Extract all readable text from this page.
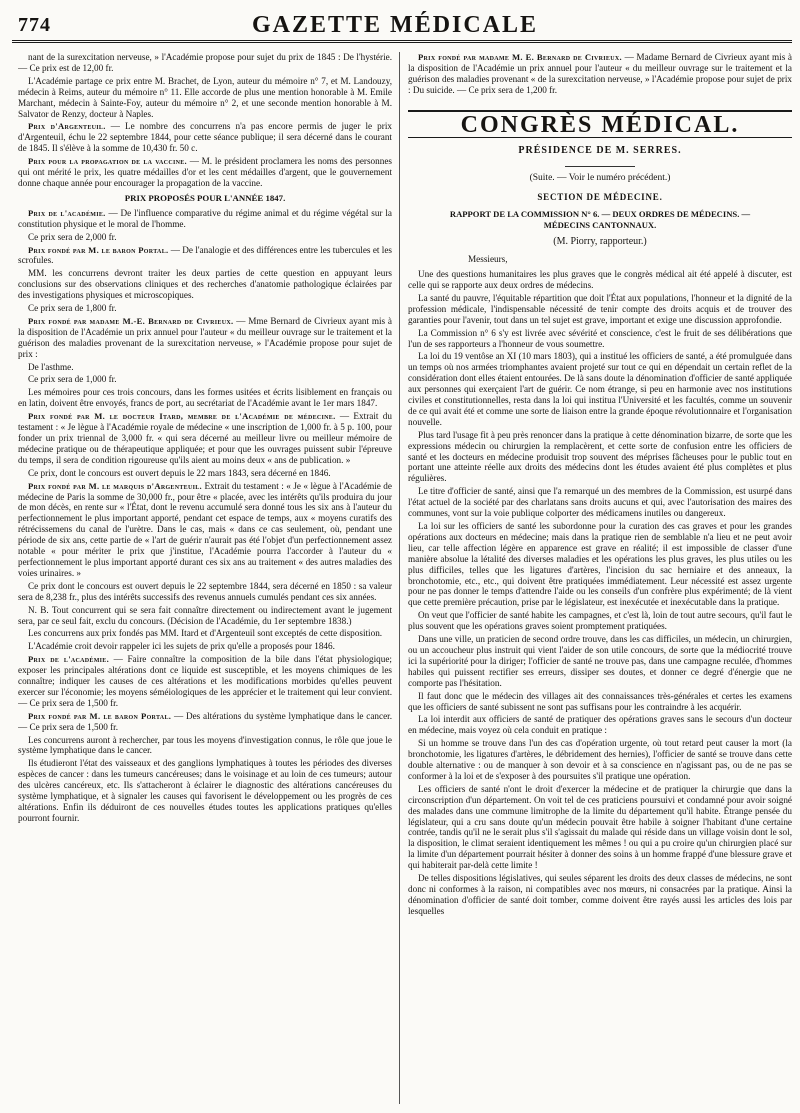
774	GAZETTE MÉDICALE

nant de la surexcitation nerveuse, » l'Académie propose pour sujet du prix de 1845 : De l'hystérie. — Ce prix est de 12,00 fr.

L'Académie partage ce prix entre M. Brachet, de Lyon, auteur du mémoire n° 7, et M. Landouzy, médecin à Reims, auteur du mémoire n° 11. Elle accorde de plus une mention honorable à M. Emile Marchant, médecin à Sainte-Foy, auteur du mémoire n° 2, et une seconde mention honorable à M. Salvator de Renzy, docteur à Naples.

Prix d'Argenteuil. — Le nombre des concurrens n'a pas encore permis de juger le prix d'Argenteuil, échu le 22 septembre 1844, pour cette séance publique; il sera décerné dans le courant de 1845. Il s'élève à la somme de 10,430 fr. 50 c.

Prix pour la propagation de la vaccine. — M. le président proclamera les noms des personnes qui ont mérité le prix, les quatre médailles d'or et les cent médailles d'argent, que le gouvernement donne chaque année pour encourager la propagation de la vaccine.

PRIX PROPOSÉS POUR L'ANNÉE 1847.

Prix de l'académie. — De l'influence comparative du régime animal et du régime végétal sur la constitution physique et le moral de l'homme.

Ce prix sera de 2,000 fr.

Prix fondé par M. le baron Portal. — De l'analogie et des différences entre les tubercules et les scrofules.

MM. les concurrens devront traiter les deux parties de cette question en appuyant leurs conclusions sur des observations cliniques et des recherches d'anatomie pathologique éclairées par des investigations physiques et microscopiques.

Ce prix sera de 1,800 fr.

Prix fondé par madame M.-E. Bernard de Civrieux. — Mme Bernard de Civrieux ayant mis à la disposition de l'Académie un prix annuel pour l'auteur « du meilleur ouvrage sur le traitement et la guérison des maladies provenant de la surexcitation nerveuse, » l'Académie propose pour sujet de prix :

De l'asthme.

Ce prix sera de 1,000 fr.

Les mémoires pour ces trois concours, dans les formes usitées et écrits lisiblement en français ou en latin, doivent être envoyés, francs de port, au secrétariat de l'Académie avant le 1er mars 1847.

Prix fondé par M. le docteur Itard, membre de l'Académie de médecine. — Extrait du testament : « Je lègue à l'Académie royale de médecine « une inscription de 1,000 fr. à 5 p. 100, pour fonder un prix triennal de 3,000 fr. « qui sera décerné au meilleur livre ou meilleur mémoire de médecine pratique ou de thérapeutique appliquée; et pour que les ouvrages puissent subir l'épreuve du temps, il sera de condition rigoureuse qu'ils aient au moins deux « ans de publication. »

Ce prix, dont le concours est ouvert depuis le 22 mars 1843, sera décerné en 1846.

Prix fondé par M. le marquis d'Argenteuil. Extrait du testament : « Je « lègue à l'Académie de médecine de Paris la somme de 30,000 fr., pour être « placée, avec les intérêts qu'ils produira du jour de mon décès, en rente sur « l'État, dont le revenu accumulé sera donné tous les six ans à l'auteur du perfectionnement le plus important apporté, pendant cet espace de temps, aux « moyens curatifs des rétrécissemens du canal de l'urètre. Dans le cas, mais « dans ce cas seulement, où, pendant une période de six ans, cette partie de « l'art de guérir n'aurait pas été l'objet d'un perfectionnement assez notable « pour mériter le prix que j'institue, l'Académie pourra l'accorder à l'auteur du « perfectionnement le plus important apporté durant ces six ans au traitement « des autres maladies des voies urinaires. »

Ce prix dont le concours est ouvert depuis le 22 septembre 1844, sera décerné en 1850 : sa valeur sera de 8,238 fr., plus des intérêts successifs des revenus annuels cumulés pendant ces six années.

N. B. Tout concurrent qui se sera fait connaître directement ou indirectement avant le jugement sera, par ce seul fait, exclu du concours. (Décision de l'Académie, du 1er septembre 1838.)

Les concurrens aux prix fondés pas MM. Itard et d'Argenteuil sont exceptés de cette disposition.

L'Académie croit devoir rappeler ici les sujets de prix qu'elle a proposés pour 1846.

Prix de l'académie. — Faire connaître la composition de la bile dans l'état physiologique; exposer les principales altérations dont ce liquide est susceptible, et les moyens chimiques de les connaître; indiquer les causes de ces altérations et les modifications morbides qu'elles peuvent exercer sur l'économie; les moyens séméiologiques de les apprécier et le traitement qui leur convient. — Ce prix sera de 1,500 fr.

Prix fondé par M. le baron Portal. — Des altérations du système lymphatique dans le cancer. — Ce prix sera de 1,500 fr.

Les concurrens auront à rechercher, par tous les moyens d'investigation connus, le rôle que joue le système lymphatique dans le cancer.

Ils étudieront l'état des vaisseaux et des ganglions lymphatiques à toutes les périodes des diverses espèces de cancer : dans les tumeurs cancéreuses; dans le voisinage et au loin de ces tumeurs; autour des ulcères cancéreux, etc. Ils s'attacheront à éclairer le diagnostic des altérations cancéreuses du système lymphatique, et à signaler les causes qui favorisent le développement ou les progrès de ces altérations. Enfin ils déduiront de ces nouvelles études toutes les applications pratiques qu'elles pourront fournir.

Prix fondé par madame M. E. Bernard de Civrieux. — Madame Bernard de Civrieux ayant mis à la disposition de l'Académie un prix annuel pour l'auteur « du meilleur ouvrage sur le traitement et la guérison des maladies provenant « de la surexcitation nerveuse, » l'Académie propose pour sujet de prix : Du suicide. — Ce prix sera de 1,200 fr.

CONGRÈS MÉDICAL.
PRÉSIDENCE DE M. SERRES.
(Suite. — Voir le numéro précédent.)
SECTION DE MÉDECINE.
RAPPORT DE LA COMMISSION N° 6. — DEUX ORDRES DE MÉDECINS. — MÉDECINS CANTONNAUX.
(M. Piorry, rapporteur.)

Messieurs,

Une des questions humanitaires les plus graves que le congrès médical ait été appelé à discuter, est celle qui se rapporte aux deux ordres de médecins.

La santé du pauvre, l'équitable répartition que doit l'État aux populations, l'honneur et la dignité de la profession médicale, l'indispensable nécessité de tenir compte des droits acquis et de trouver des garanties pour l'avenir, tout dans un tel sujet est grave, important et exige une discussion approfondie.

La Commission n° 6 s'y est livrée avec sévérité et conscience, c'est le fruit de ses délibérations que l'un de ses rapporteurs a l'honneur de vous soumettre.

La loi du 19 ventôse an XI (10 mars 1803), qui a institué les officiers de santé, a été promulguée dans un temps où nos armées triomphantes avaient projeté sur tout ce qui en dépendait un certain reflet de la considération dont elles étaient entourées. De là sans doute la dénomination d'officier de santé appliquée aux personnes qui exerçaient l'art de guérir. Ce nom étrange, si peu en harmonie avec nos institutions civiles et constitutionnelles, resta dans la loi qui institua l'Université et les facultés, comme un souvenir de ce qui avait été et comme une sorte de liaison entre la grande époque révolutionnaire et l'organisation nouvelle.

Plus tard l'usage fit à peu près renoncer dans la pratique à cette dénomination bizarre, de sorte que les expressions médecin ou chirurgien la remplacèrent, et cette sorte de confusion entre les officiers de santé et les docteurs en médecine produisit trop souvent des méprises fâcheuses pour le public tout en portant une atteinte réelle aux droits des médecins dont les études avaient été plus complètes et plus régulières.

Le titre d'officier de santé, ainsi que l'a remarqué un des membres de la Commission, est usurpé dans l'état actuel de la société par des charlatans sans droits aucuns et qui, avec l'autorisation des maires des communes, vont sur la voie publique colporter des médicamens inutiles ou dangereux.

La loi sur les officiers de santé les subordonne pour la curation des cas graves et pour les grandes opérations aux docteurs en médecine; mais dans la pratique rien de semblable n'a lieu et ne peut avoir lieu, car telle affection légère en apparence est grave en réalité; il est impossible de classer d'une manière absolue la létalité des diverses maladies et les opérations les plus graves, les plus utiles ou les plus difficiles, telles que les ligatures d'artères, l'incision du sac herniaire et des anneaux, la bronchotomie, etc., etc., qui doivent être pratiquées immédiatement. Leur nécessité est assez urgente pour ne pas donner le temps d'attendre l'aide ou les conseils d'un confrère plus expérimenté; de là vient que cette première précaution, prise par le législateur, est inexécutée et inexécutable dans la pratique.

On veut que l'officier de santé habite les campagnes, et c'est là, loin de tout autre secours, qu'il faut le plus souvent que les opérations graves soient promptement pratiquées.

Dans une ville, un praticien de second ordre trouve, dans les cas difficiles, un médecin, un chirurgien, ou un accoucheur plus instruit qui vient l'aider de son utile concours, de sorte que la médiocrité trouve ici la supériorité pour la diriger; l'officier de santé ne trouve pas, dans une campagne reculée, d'hommes habiles qui puissent rectifier ses erreurs, dissiper ses doutes, et donner ce degré d'énergie que ne comporte pas l'hésitation.

Il faut donc que le médecin des villages ait des connaissances très-générales et certes les examens que les officiers de santé subissent ne sont pas suffisans pour les contraindre à les acquérir.

La loi interdit aux officiers de santé de pratiquer des opérations graves sans le secours d'un docteur en médecine, mais voyez où cela conduit en pratique :

Si un homme se trouve dans l'un des cas d'opération urgente, où tout retard peut causer la mort (la bronchotomie, les ligatures d'artères, le débridement des hernies), l'officier de santé se trouve dans cette double alternative : ou de manquer à son devoir et à sa conscience en n'agissant pas, ou de ne pas se conformer à la loi et de s'exposer à des poursuites s'il pratique une opération.

Les officiers de santé n'ont le droit d'exercer la médecine et de pratiquer la chirurgie que dans la circonscription d'un département. On voit tel de ces praticiens poursuivi et condamné pour avoir soigné des malades dans une commune limitrophe de la limite du département qu'il habite. Étrange pensée du législateur, qui a cru sans doute qu'un médecin pouvait être habile à soigner l'habitant d'une certaine contrée, tandis qu'il ne le serait plus s'il s'agissait du malade qui réside dans un village voisin dont le sol, la disposition, le climat seraient identiquement les mêmes ! ou qui a pu croire qu'un chirurgien placé sur la limite d'un département pourrait hésiter à donner des soins à un homme frappé d'une blessure grave et qui habiterait par-delà cette limite !

De telles dispositions législatives, qui seules séparent les droits des deux classes de médecins, ne sont donc ni conformes à la raison, ni compatibles avec nos mœurs, ni consacrées par la pratique. Ainsi la dénomination d'officier de santé doit tomber, comme doivent être rayés aussi les articles des lois par lesquelles
